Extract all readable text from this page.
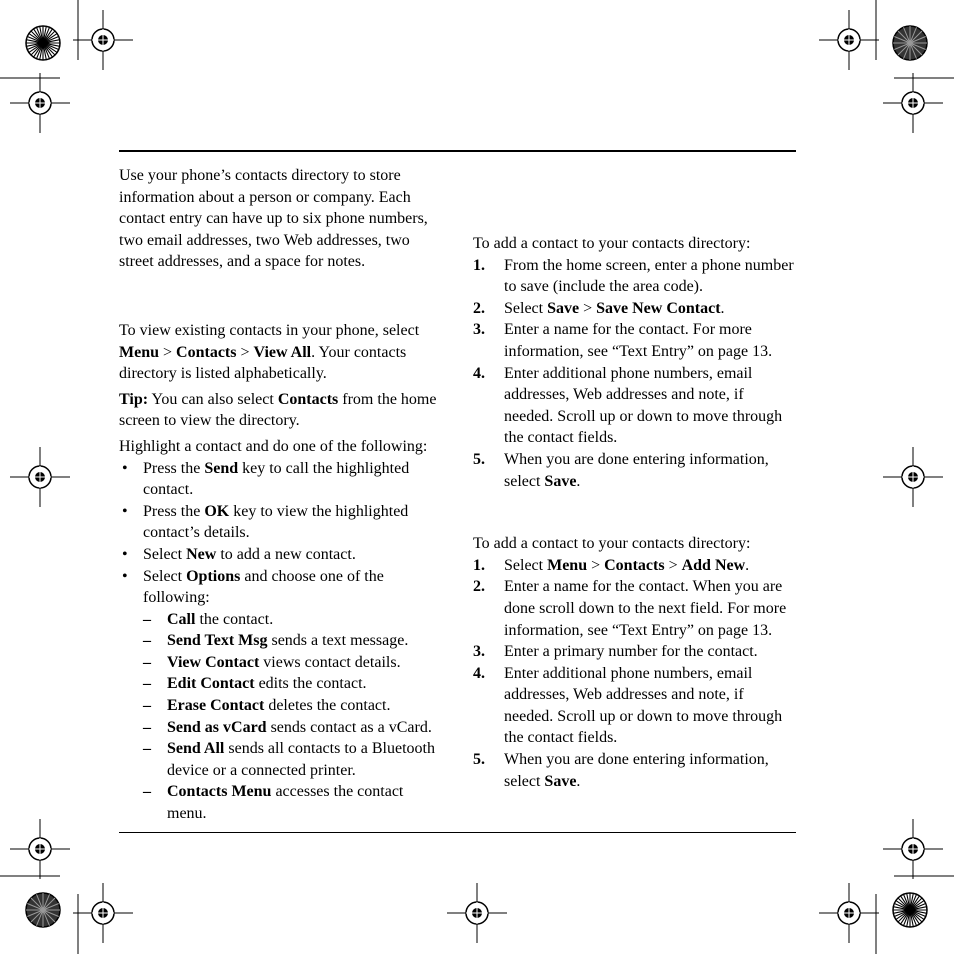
Use your phone’s contacts directory to store information about a person or company. Each contact entry can have up to six phone numbers, two email addresses, two Web addresses, two street addresses, and a space for notes.

To view existing contacts in your phone, select Menu > Contacts > View All. Your contacts directory is listed alphabetically.

Tip: You can also select Contacts from the home screen to view the directory.

Highlight a contact and do one of the following:

• Press the Send key to call the highlighted contact.
• Press the OK key to view the highlighted contact’s details.
• Select New to add a new contact.
• Select Options and choose one of the following:
– Call the contact.
– Send Text Msg sends a text message.
– View Contact views contact details.
– Edit Contact edits the contact.
– Erase Contact deletes the contact.
– Send as vCard sends contact as a vCard.
– Send All sends all contacts to a Bluetooth device or a connected printer.
– Contacts Menu accesses the contact menu.

To add a contact to your contacts directory:

1. From the home screen, enter a phone number to save (include the area code).
2. Select Save > Save New Contact.
3. Enter a name for the contact. For more information, see “Text Entry” on page 13.
4. Enter additional phone numbers, email addresses, Web addresses and note, if needed. Scroll up or down to move through the contact fields.
5. When you are done entering information, select Save.

To add a contact to your contacts directory:

1. Select Menu > Contacts > Add New.
2. Enter a name for the contact. When you are done scroll down to the next field. For more information, see “Text Entry” on page 13.
3. Enter a primary number for the contact.
4. Enter additional phone numbers, email addresses, Web addresses and note, if needed. Scroll up or down to move through the contact fields.
5. When you are done entering information, select Save.
